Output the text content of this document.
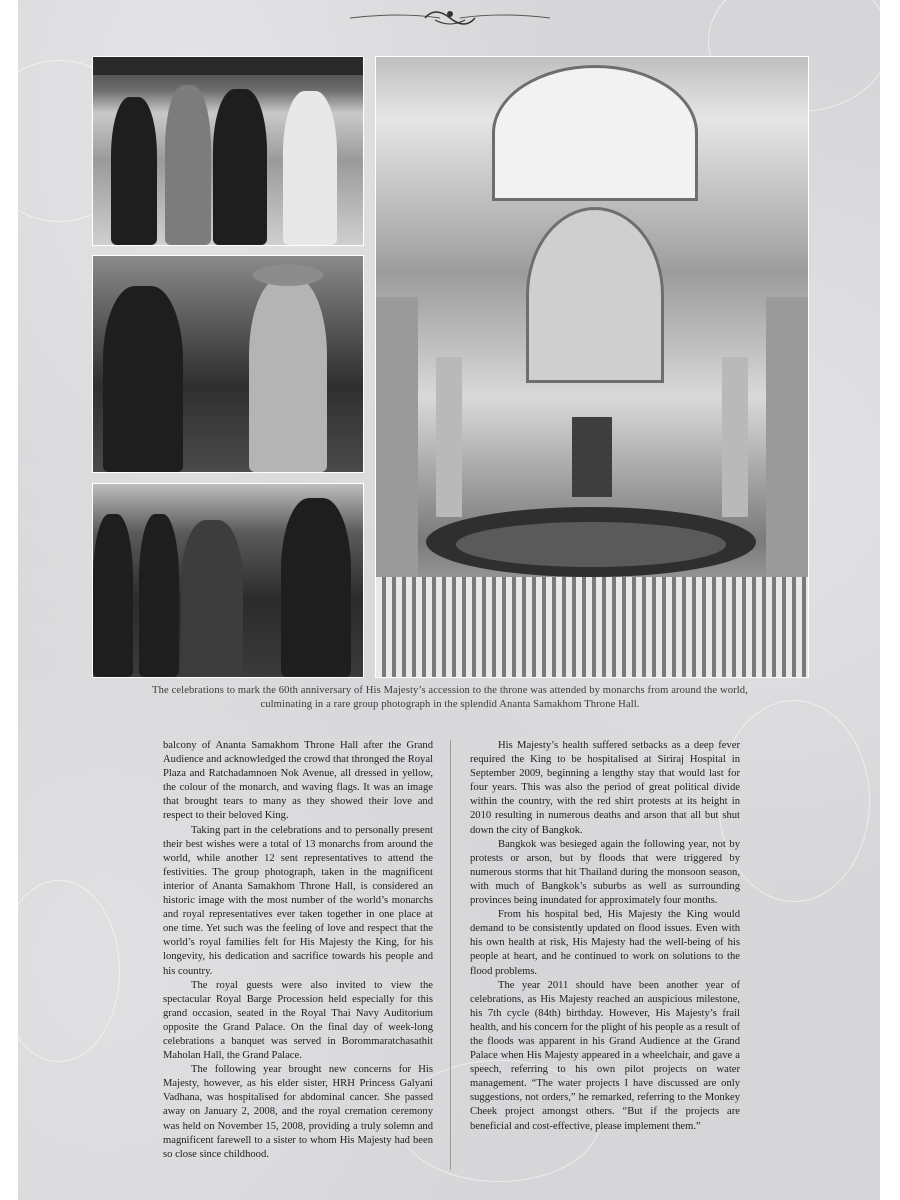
The celebrations to mark the 60th anniversary of His Majesty’s accession to the throne was attended by monarchs from around the world,
culminating in a rare group photograph in the splendid Ananta Samakhom Throne Hall.

balcony of Ananta Samakhom Throne Hall after the Grand Audience and acknowledged the crowd that thronged the Royal Plaza and Ratchadamnoen Nok Avenue, all dressed in yellow, the colour of the monarch, and waving flags. It was an image that brought tears to many as they showed their love and respect to their beloved King.

Taking part in the celebrations and to personally present their best wishes were a total of 13 monarchs from around the world, while another 12 sent representatives to attend the festivities. The group photograph, taken in the magnificent interior of Ananta Samakhom Throne Hall, is considered an historic image with the most number of the world’s monarchs and royal representatives ever taken together in one place at one time. Yet such was the feeling of love and respect that the world’s royal families felt for His Majesty the King, for his longevity, his dedication and sacrifice towards his people and his country.

The royal guests were also invited to view the spectacular Royal Barge Procession held especially for this grand occasion, seated in the Royal Thai Navy Auditorium opposite the Grand Palace. On the final day of week-long celebrations a banquet was served in Borommaratchasathit Maholan Hall, the Grand Palace.

The following year brought new concerns for His Majesty, however, as his elder sister, HRH Princess Galyani Vadhana, was hospitalised for abdominal cancer. She passed away on January 2, 2008, and the royal cremation ceremony was held on November 15, 2008, providing a truly solemn and magnificent farewell to a sister to whom His Majesty had been so close since childhood.

His Majesty’s health suffered setbacks as a deep fever required the King to be hospitalised at Siriraj Hospital in September 2009, beginning a lengthy stay that would last for four years. This was also the period of great political divide within the country, with the red shirt protests at its height in 2010 resulting in numerous deaths and arson that all but shut down the city of Bangkok.

Bangkok was besieged again the following year, not by protests or arson, but by floods that were triggered by numerous storms that hit Thailand during the monsoon season, with much of Bangkok’s suburbs as well as surrounding provinces being inundated for approximately four months.

From his hospital bed, His Majesty the King would demand to be consistently updated on flood issues. Even with his own health at risk, His Majesty had the well-being of his people at heart, and he continued to work on solutions to the flood problems.

The year 2011 should have been another year of celebrations, as His Majesty reached an auspicious milestone, his 7th cycle (84th) birthday. However, His Majesty’s frail health, and his concern for the plight of his people as a result of the floods was apparent in his Grand Audience at the Grand Palace when His Majesty appeared in a wheelchair, and gave a speech, referring to his own pilot projects on water management. “The water projects I have discussed are only suggestions, not orders,” he remarked, referring to the Monkey Cheek project amongst others. “But if the projects are beneficial and cost-effective, please implement them.”
